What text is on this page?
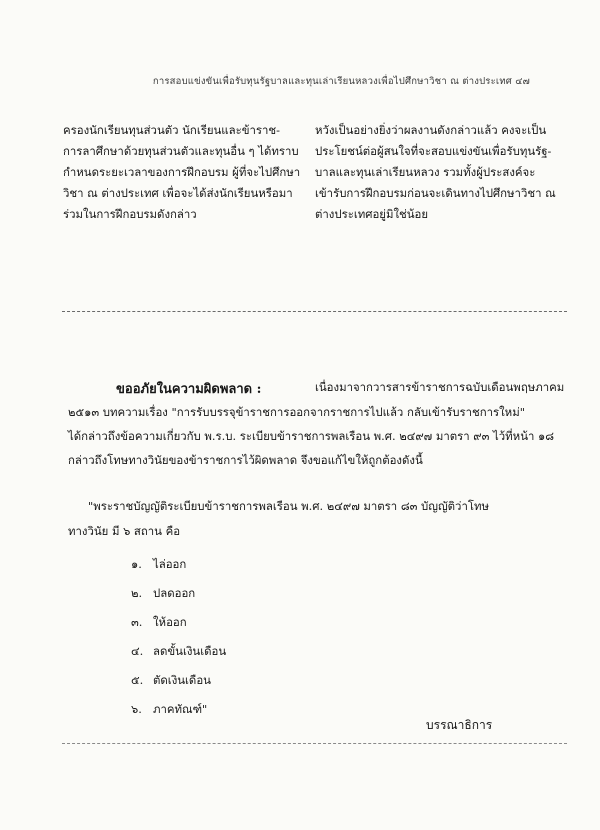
การสอบแข่งขันเพื่อรับทุนรัฐบาลและทุนเล่าเรียนหลวงเพื่อไปศึกษาวิชา ณ ต่างประเทศ ๔๗
ครองนักเรียนทุนส่วนตัว นักเรียนและข้าราช-
การลาศึกษาด้วยทุนส่วนตัวและทุนอื่น ๆ ได้ทราบ
กำหนดระยะเวลาของการฝึกอบรม ผู้ที่จะไปศึกษา
วิชา ณ ต่างประเทศ เพื่อจะได้ส่งนักเรียนหรือมา
ร่วมในการฝึกอบรมดังกล่าว
หวังเป็นอย่างยิ่งว่าผลงานดังกล่าวแล้ว คงจะเป็น
ประโยชน์ต่อผู้สนใจที่จะสอบแข่งขันเพื่อรับทุนรัฐ-
บาลและทุนเล่าเรียนหลวง รวมทั้งผู้ประสงค์จะ
เข้ารับการฝึกอบรมก่อนจะเดินทางไปศึกษาวิชา ณ
ต่างประเทศอยู่มิใช่น้อย
ขออภัยในความผิดพลาด :	เนื่องมาจากวารสารข้าราชการฉบับเดือนพฤษภาคม
๒๕๑๓ บทความเรื่อง "การรับบรรจุข้าราชการออกจากราชการไปแล้ว กลับเข้ารับราชการใหม่"
ได้กล่าวถึงข้อความเกี่ยวกับ พ.ร.บ. ระเบียบข้าราชการพลเรือน พ.ศ. ๒๔๙๗ มาตรา ๙๓ ไว้ที่หน้า ๑๘
กล่าวถึงโทษทางวินัยของข้าราชการไว้ผิดพลาด จึงขอแก้ไขให้ถูกต้องดังนี้
"พระราชบัญญัติระเบียบข้าราชการพลเรือน พ.ศ. ๒๔๙๗ มาตรา ๘๓ บัญญัติว่าโทษ
ทางวินัย มี ๖ สถาน คือ
๑. ไล่ออก
๒. ปลดออก
๓. ให้ออก
๔. ลดขั้นเงินเดือน
๕. ตัดเงินเดือน
๖. ภาคทัณฑ์"
บรรณาธิการ
